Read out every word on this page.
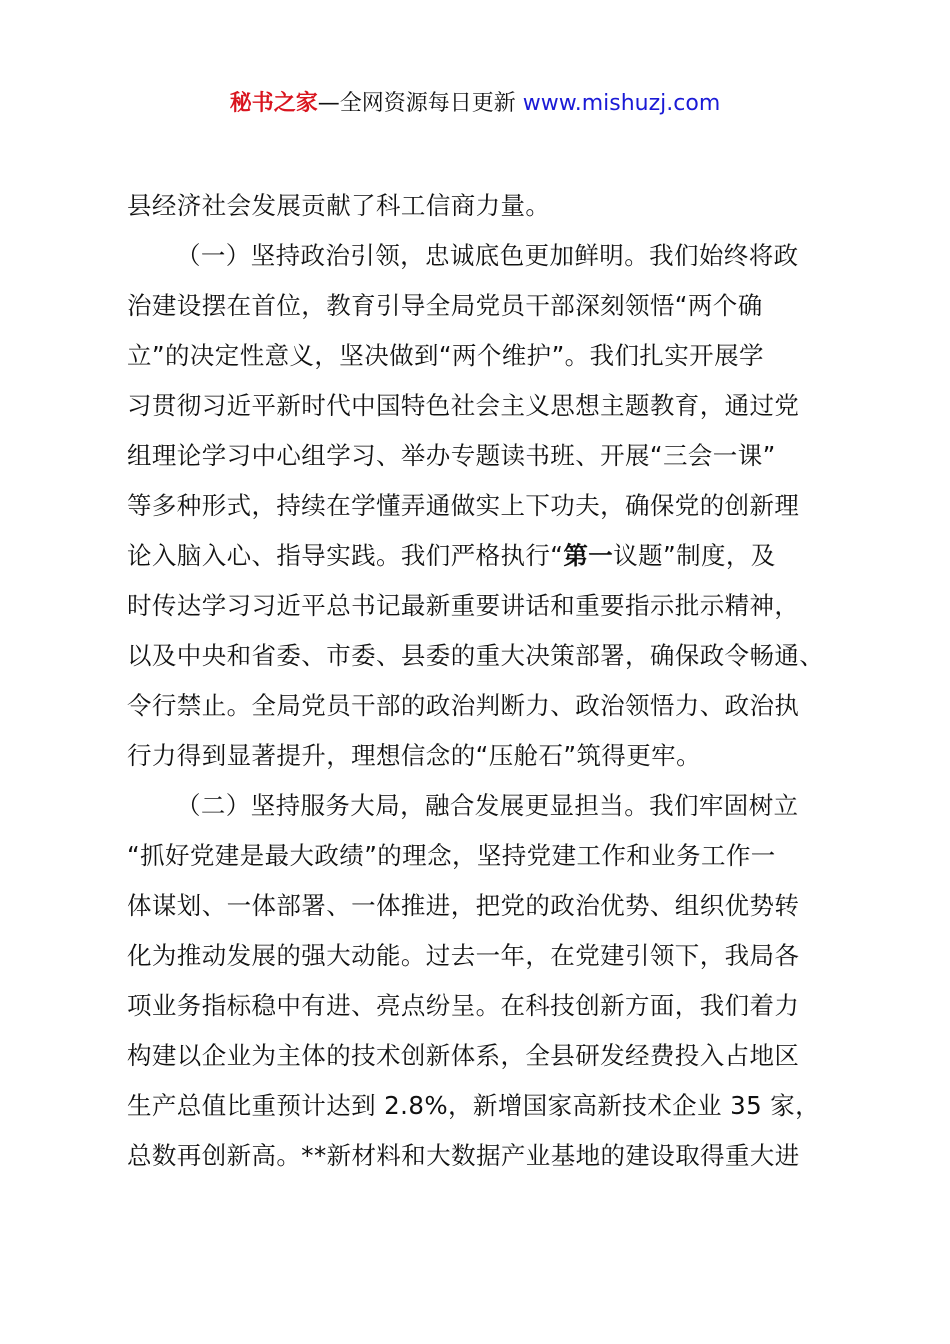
秘书之家—全网资源每日更新 www.mishuzj.com
县经济社会发展贡献了科工信商力量。
（一）坚持政治引领，忠诚底色更加鲜明。我们始终将政
治建设摆在首位，教育引导全局党员干部深刻领悟“两个确
立”的决定性意义，坚决做到“两个维护”。我们扎实开展学
习贯彻习近平新时代中国特色社会主义思想主题教育，通过党
组理论学习中心组学习、举办专题读书班、开展“三会一课”
等多种形式，持续在学懂弄通做实上下功夫，确保党的创新理
论入脑入心、指导实践。我们严格执行“第一议题”制度，及
时传达学习习近平总书记最新重要讲话和重要指示批示精神，
以及中央和省委、市委、县委的重大决策部署，确保政令畅通、
令行禁止。全局党员干部的政治判断力、政治领悟力、政治执
行力得到显著提升，理想信念的“压舱石”筑得更牢。
（二）坚持服务大局，融合发展更显担当。我们牢固树立
“抓好党建是最大政绩”的理念，坚持党建工作和业务工作一
体谋划、一体部署、一体推进，把党的政治优势、组织优势转
化为推动发展的强大动能。过去一年，在党建引领下，我局各
项业务指标稳中有进、亮点纷呈。在科技创新方面，我们着力
构建以企业为主体的技术创新体系，全县研发经费投入占地区
生产总值比重预计达到 2.8%，新增国家高新技术企业 35 家，
总数再创新高。**新材料和大数据产业基地的建设取得重大进
